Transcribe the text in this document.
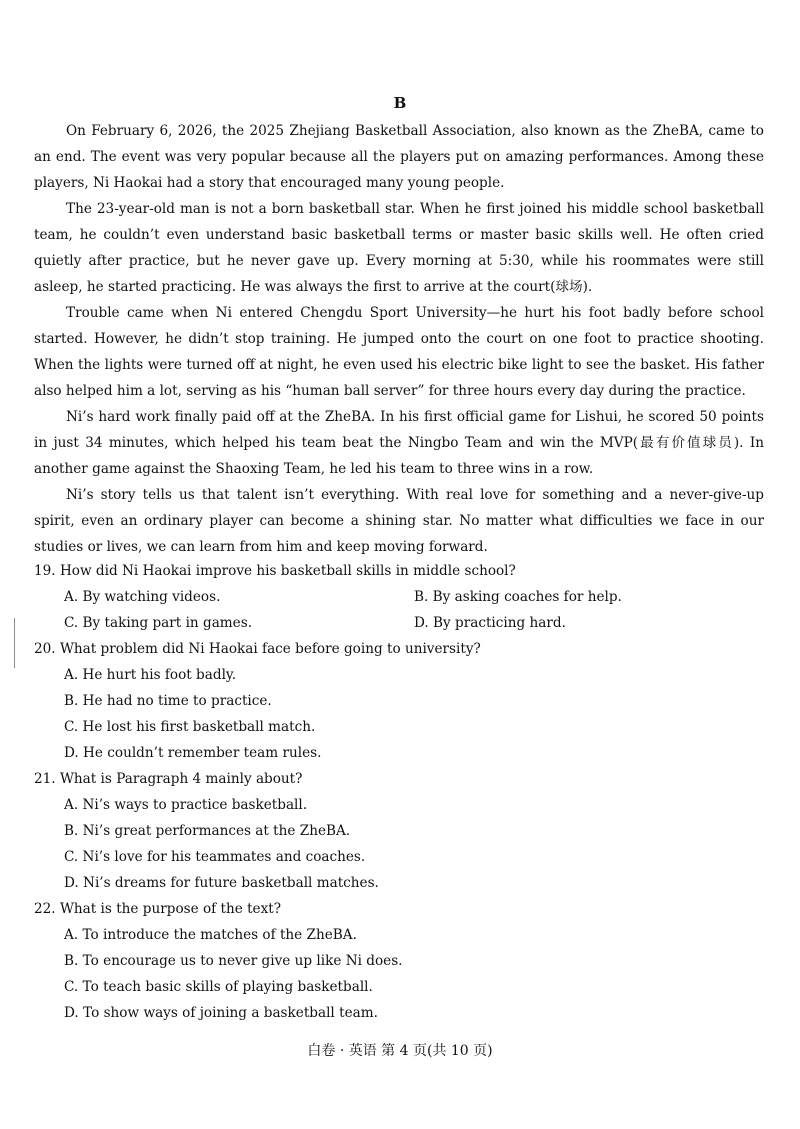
B

On February 6, 2026, the 2025 Zhejiang Basketball Association, also known as the ZheBA, came to an end. The event was very popular because all the players put on amazing performances. Among these players, Ni Haokai had a story that encouraged many young people.

The 23-year-old man is not a born basketball star. When he first joined his middle school basketball team, he couldn’t even understand basic basketball terms or master basic skills well. He often cried quietly after practice, but he never gave up. Every morning at 5:30, while his roommates were still asleep, he started practicing. He was always the first to arrive at the court(球场).

Trouble came when Ni entered Chengdu Sport University—he hurt his foot badly before school started. However, he didn’t stop training. He jumped onto the court on one foot to practice shooting. When the lights were turned off at night, he even used his electric bike light to see the basket. His father also helped him a lot, serving as his “human ball server” for three hours every day during the practice.

Ni’s hard work finally paid off at the ZheBA. In his first official game for Lishui, he scored 50 points in just 34 minutes, which helped his team beat the Ningbo Team and win the MVP(最有价值球员). In another game against the Shaoxing Team, he led his team to three wins in a row.

Ni’s story tells us that talent isn’t everything. With real love for something and a never-give-up spirit, even an ordinary player can become a shining star. No matter what difficulties we face in our studies or lives, we can learn from him and keep moving forward.

19. How did Ni Haokai improve his basketball skills in middle school?

A. By watching videos.	B. By asking coaches for help.

C. By taking part in games.	D. By practicing hard.

20. What problem did Ni Haokai face before going to university?

A. He hurt his foot badly.

B. He had no time to practice.

C. He lost his first basketball match.

D. He couldn’t remember team rules.

21. What is Paragraph 4 mainly about?

A. Ni’s ways to practice basketball.

B. Ni’s great performances at the ZheBA.

C. Ni’s love for his teammates and coaches.

D. Ni’s dreams for future basketball matches.

22. What is the purpose of the text?

A. To introduce the matches of the ZheBA.

B. To encourage us to never give up like Ni does.

C. To teach basic skills of playing basketball.

D. To show ways of joining a basketball team.

白卷 · 英语 第 4 页(共 10 页)
